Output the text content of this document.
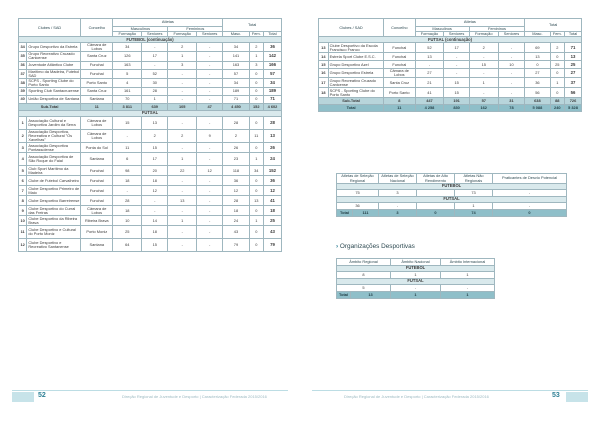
Clubes / SAD		Concelho	Atletas				Total		
			Masculinos		Femininos				
			Formação	Seniores	Formação	Seniores	Masc.	Fem.	Total
FUTEBOL (continuação)									
34	Grupo Desportivo da Estrela	Câmara de Lobos	34	-	2	-	34	2	36
35	Grupo Recreativo Cruzado Canicense	Santa Cruz	126	17	1	-	141	1	142
36	Juventude Atlântico Clube	Funchal	163	-	3	-	163	3	166
37	Marítimo da Madeira, Futebol SAD	Funchal	5	52	-	-	57	0	57
38	SCPS - Sporting Clube do Porto Santo	Porto Santo	4	30	-	-	34	0	34
39	Sporting Club Santacruzense	Santa Cruz	161	28	-	-	189	0	189
40	União Desportiva de Santana	Santana	70	1	-	-	71	0	71
Sub-Total		11	3 811	639	105	47	4 450	152	4 602
FUTSAL									
1	Associação Cultural e Desportiva Jardim da Serra	Câmara de Lobos	15	13	-	-	28	0	28
2	Associação Desportiva, Recreativa e Cultural "Os Xavelhas"	Câmara de Lobos	-	2	2	9	2	11	13
3	Associação Desportiva Pontassolense	Ponta do Sol	11	15	-	-	26	0	26
4	Associação Desportiva de São Roque do Faial	Santana	6	17	1	-	23	1	24
5	Club Sport Marítimo da Madeira	Funchal	98	20	22	12	118	34	152
6	Clube de Futebol Carvalheiro	Funchal	18	18	-	-	36	0	36
7	Clube Desportivo Primeiro de Maio	Funchal	-	12	-	-	12	0	12
8	Clube Desportivo Barreirense	Funchal	28	-	13	-	28	13	41
9	Clube Desportivo do Curral das Freiras	Câmara de Lobos	18	-	-	-	18	0	18
10	Clube Desportivo da Ribeira Brava	Ribeira Brava	10	14	1	-	24	1	25
11	Clube Desportivo e Cultural do Porto Moniz	Porto Moniz	25	18	-	-	43	0	43
12	Clube Desportivo e Recreativo Santanense	Santana	64	15	-	-	79	0	79
52	Direção Regional de Juventude e Desporto | Caracterização Federada 2015/2016
Clubes / SAD		Concelho	Atletas				Total		
			Masculinos		Femininos				
			Formação	Seniores	Formação	Seniores	Masc.	Fem.	Total
FUTSAL (continuação)									
13	Clube Desportivo da Escola Francisco Franco	Funchal	52	17	2	-	69	2	71
14	Estrela Sport Clube E.S.C.	Funchal	13	-	-	-	13	0	13
15	Grupo Desportivo Azel	Funchal	-	-	15	10	0	25	25
16	Grupo Desportivo Estrela	Câmara de Lobos	27	-	-	-	27	0	27
17	Grupo Recreativo Cruzado Canicense	Santa Cruz	21	15	1	-	36	1	37
18	SCPS - Sporting Clube do Porto Santo	Porto Santo	41	15	-	-	56	0	56
Sub-Total		8	447	191	57	31	638	88	726
Total		11	4 258	830	162	78	5 088	240	5 328
Atletas de Seleção Regional		Atletas de Seleção Nacional	Atletas de Alto Rendimento	Atletas Não Regionais	Praticantes de Desvio Potencial
FUTEBOL					
75		3		73	-
FUTSAL					
36		-		1	-
Total	111	3	0	74	0
› Organizações Desportivas
Âmbito Regional		Âmbito Nacional	Âmbito Internacional
FUTEBOL			
8		1	1
FUTSAL			
5		-	-
Total	13	1	1
Direção Regional de Juventude e Desporto | Caracterização Federada 2015/2016	53
